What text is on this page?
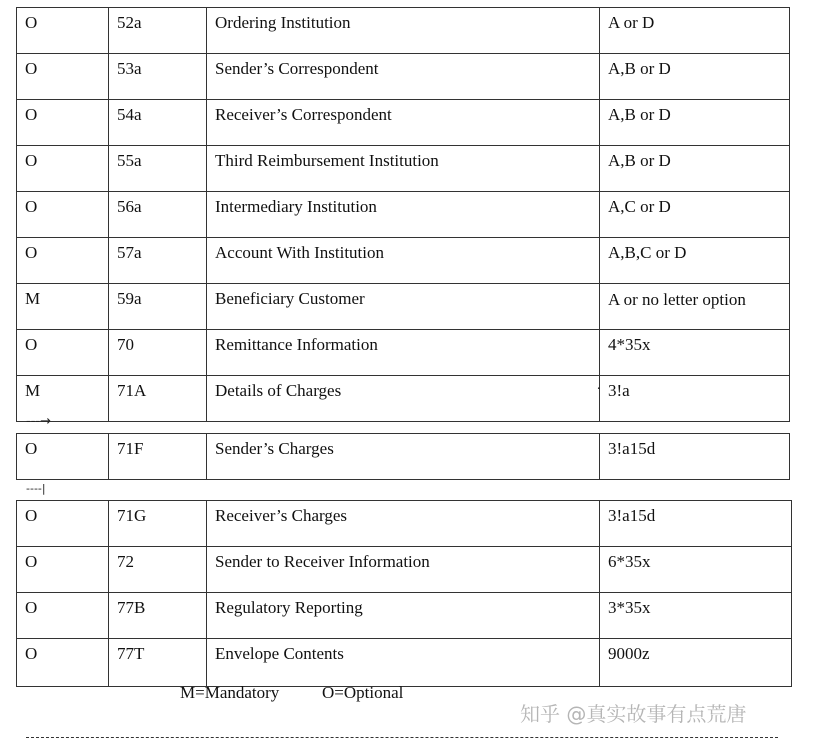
O	52a	Ordering Institution	A or D
O	53a	Sender’s Correspondent	A,B or D
O	54a	Receiver’s Correspondent	A,B or D
O	55a	Third Reimbursement Institution	A,B or D
O	56a	Intermediary Institution	A,C or D
O	57a	Account With Institution	A,B,C or D
M	59a	Beneficiary Customer	A or no letter option
O	70	Remittance Information	4*35x
M	71A	Details of Charges	3!a
.
---→
O	71F	Sender’s Charges	3!a15d
----|
O	71G	Receiver’s Charges	3!a15d
O	72	Sender to Receiver Information	6*35x
O	77B	Regulatory Reporting	3*35x
O	77T	Envelope Contents	9000z
M=Mandatory	O=Optional
知乎 @真实故事有点荒唐
